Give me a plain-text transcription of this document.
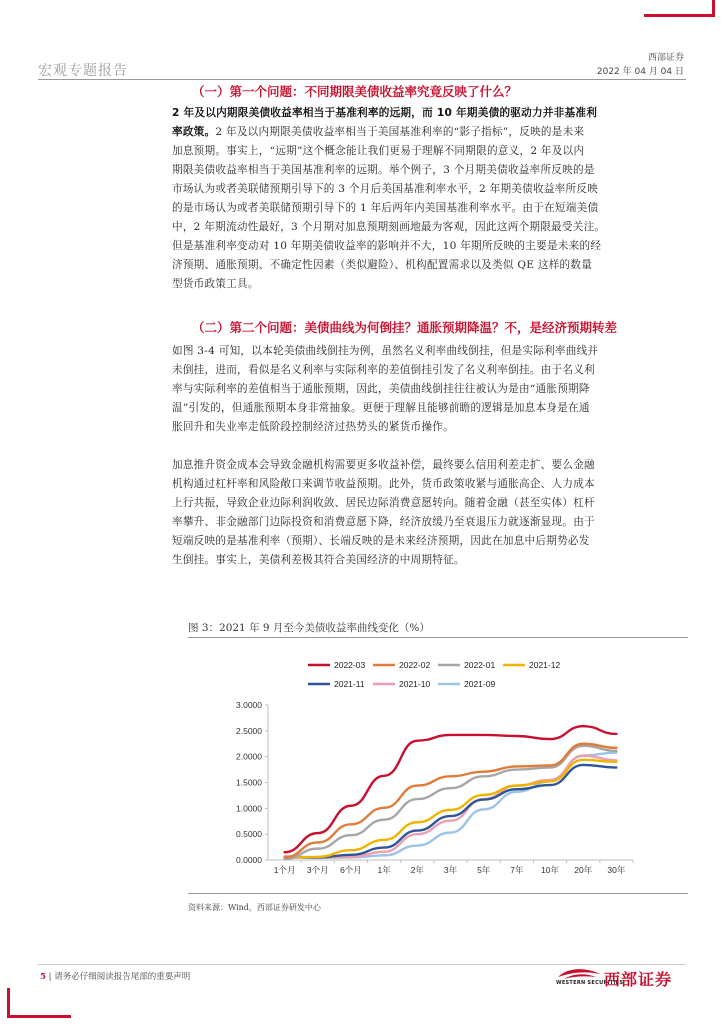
宏观专题报告
西部证券
2022 年 04 月 04 日
（一）第一个问题：不同期限美债收益率究竟反映了什么？
2 年及以内期限美债收益率相当于基准利率的远期，而 10 年期美债的驱动力并非基准利
率政策。2 年及以内期限美债收益率相当于美国基准利率的“影子指标”，反映的是未来
加息预期。事实上，“远期”这个概念能让我们更易于理解不同期限的意义，2 年及以内
期限美债收益率相当于美国基准利率的远期。举个例子，3 个月期美债收益率所反映的是
市场认为或者美联储预期引导下的 3 个月后美国基准利率水平，2 年期美债收益率所反映
的是市场认为或者美联储预期引导下的 1 年后两年内美国基准利率水平。由于在短端美债
中，2 年期流动性最好，3 个月期对加息预期刻画地最为客观，因此这两个期限最受关注。
但是基准利率变动对 10 年期美债收益率的影响并不大，10 年期所反映的主要是未来的经
济预期、通胀预期、不确定性因素（类似避险）、机构配置需求以及类似 QE 这样的数量
型货币政策工具。
（二）第二个问题：美债曲线为何倒挂？通胀预期降温？不，是经济预期转差
如图 3-4 可知，以本轮美债曲线倒挂为例，虽然名义利率曲线倒挂，但是实际利率曲线并
未倒挂，进而，看似是名义利率与实际利率的差值倒挂引发了名义利率倒挂。由于名义利
率与实际利率的差值相当于通胀预期，因此，美债曲线倒挂往往被认为是由“通胀预期降
温”引发的，但通胀预期本身非常抽象。更便于理解且能够前瞻的逻辑是加息本身是在通
胀回升和失业率走低阶段控制经济过热势头的紧货币操作。
加息推升资金成本会导致金融机构需要更多收益补偿，最终要么信用利差走扩、要么金融
机构通过杠杆率和风险敞口来调节收益预期。此外，货币政策收紧与通胀高企、人力成本
上行共振，导致企业边际利润收敛、居民边际消费意愿转向。随着金融（甚至实体）杠杆
率攀升、非金融部门边际投资和消费意愿下降，经济放缓乃至衰退压力就逐渐显现。由于
短端反映的是基准利率（预期）、长端反映的是未来经济预期，因此在加息中后期势必发
生倒挂。事实上，美债利差极其符合美国经济的中周期特征。
图 3：2021 年 9 月至今美债收益率曲线变化（%）
2022-03	2022-02	2022-01	2021-12
2021-11	2021-10	2021-09
0.0000
0.5000
1.0000
1.5000
2.0000
2.5000
3.0000
1个月 3个月 6个月 1年 2年 3年 5年 7年 10年 20年 30年
资料来源：Wind，西部证券研发中心
5 | 请务必仔细阅读报告尾部的重要声明
WESTERN SECURITIES
西部证券
